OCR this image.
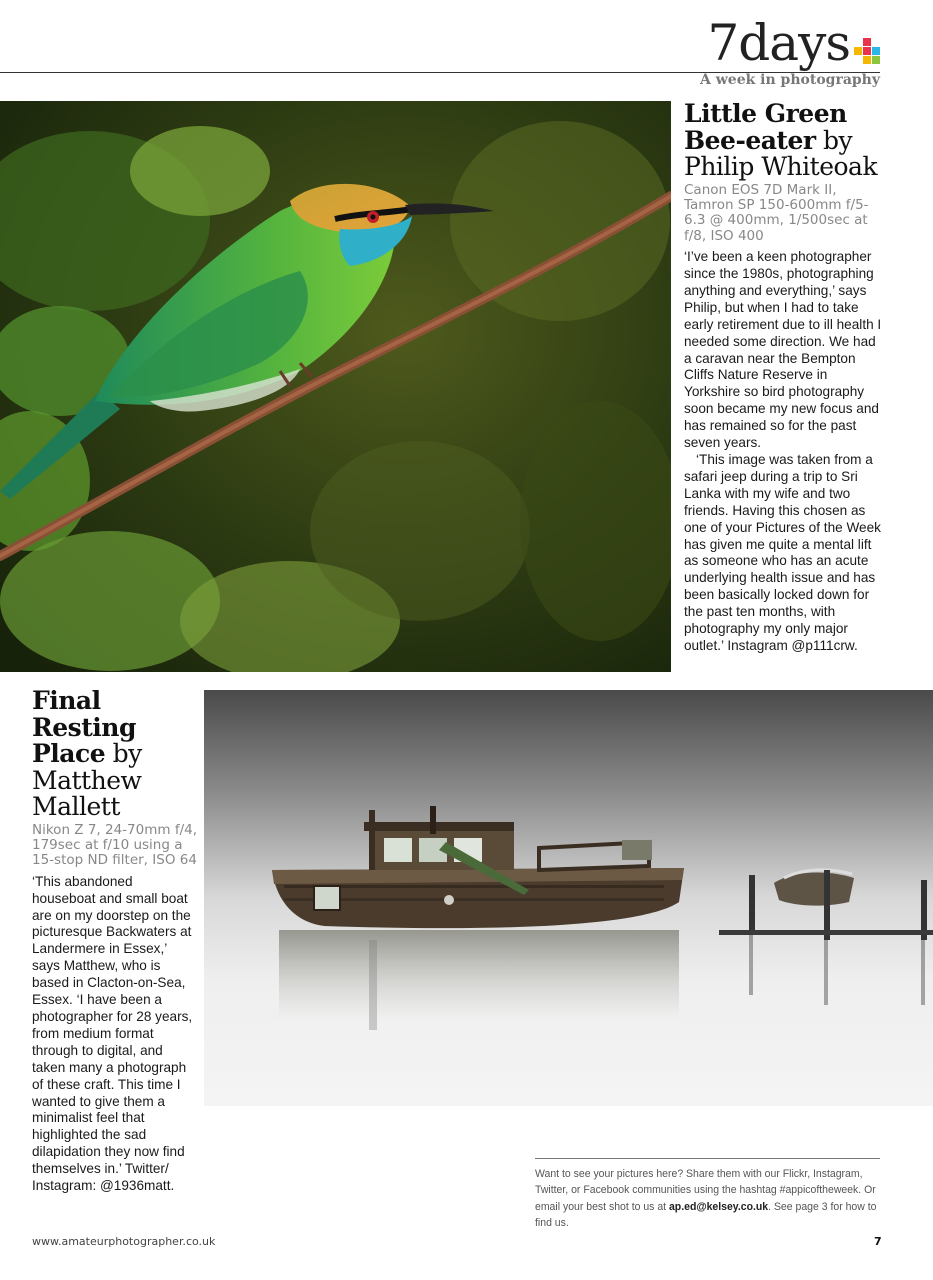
7days
A week in photography
Little Green Bee-eater by Philip Whiteoak
Canon EOS 7D Mark II, Tamron SP 150-600mm f/5-6.3 @ 400mm, 1/500sec at f/8, ISO 400

‘I’ve been a keen photographer since the 1980s, photographing anything and everything,’ says Philip, but when I had to take early retirement due to ill health I needed some direction. We had a caravan near the Bempton Cliffs Nature Reserve in Yorkshire so bird photography soon became my new focus and has remained so for the past seven years.

‘This image was taken from a safari jeep during a trip to Sri Lanka with my wife and two friends. Having this chosen as one of your Pictures of the Week has given me quite a mental lift as someone who has an acute underlying health issue and has been basically locked down for the past ten months, with photography my only major outlet.’ Instagram @p111crw.

Final Resting Place by Matthew Mallett
Nikon Z 7, 24-70mm f/4, 179sec at f/10 using a 15-stop ND filter, ISO 64

‘This abandoned houseboat and small boat are on my doorstep on the picturesque Backwaters at Landermere in Essex,’ says Matthew, who is based in Clacton-on-Sea, Essex. ‘I have been a photographer for 28 years, from medium format through to digital, and taken many a photograph of these craft. This time I wanted to give them a minimalist feel that highlighted the sad dilapidation they now find themselves in.’ Twitter/ Instagram: @1936matt.

Want to see your pictures here? Share them with our Flickr, Instagram, Twitter, or Facebook communities using the hashtag #appicoftheweek. Or email your best shot to us at ap.ed@kelsey.co.uk. See page 3 for how to find us.
www.amateurphotographer.co.uk	7
